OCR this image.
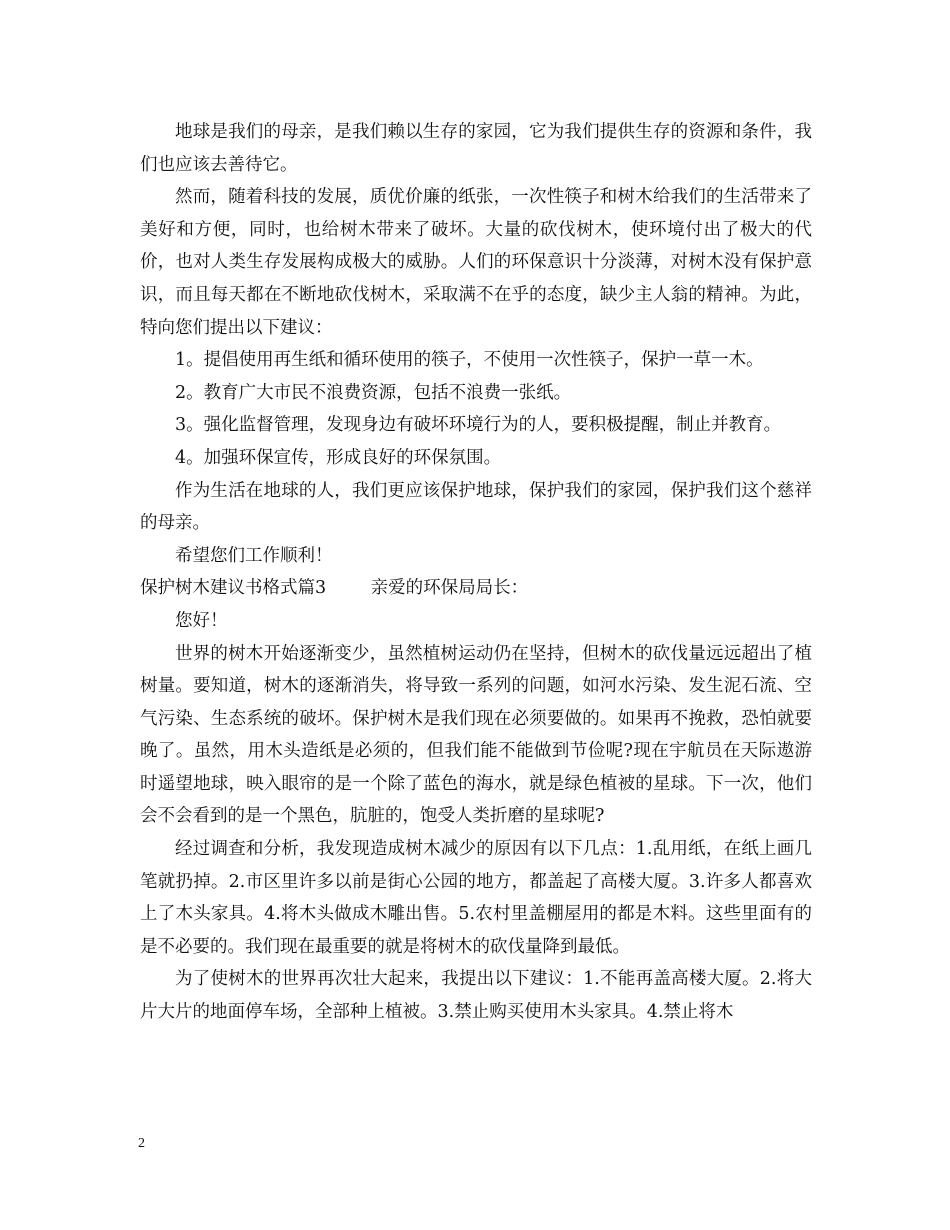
地球是我们的母亲，是我们赖以生存的家园，它为我们提供生存的资源和条件，我们也应该去善待它。

然而，随着科技的发展，质优价廉的纸张，一次性筷子和树木给我们的生活带来了美好和方便，同时，也给树木带来了破坏。大量的砍伐树木，使环境付出了极大的代价，也对人类生存发展构成极大的威胁。人们的环保意识十分淡薄，对树木没有保护意识，而且每天都在不断地砍伐树木，采取满不在乎的态度，缺少主人翁的精神。为此，特向您们提出以下建议：

1。提倡使用再生纸和循环使用的筷子，不使用一次性筷子，保护一草一木。

2。教育广大市民不浪费资源，包括不浪费一张纸。

3。强化监督管理，发现身边有破坏环境行为的人，要积极提醒，制止并教育。

4。加强环保宣传，形成良好的环保氛围。

作为生活在地球的人，我们更应该保护地球，保护我们的家园，保护我们这个慈祥的母亲。

希望您们工作顺利！

保护树木建议书格式篇3	亲爱的环保局局长：

您好！

世界的树木开始逐渐变少，虽然植树运动仍在坚持，但树木的砍伐量远远超出了植树量。要知道，树木的逐渐消失，将导致一系列的问题，如河水污染、发生泥石流、空气污染、生态系统的破坏。保护树木是我们现在必须要做的。如果再不挽救，恐怕就要晚了。虽然，用木头造纸是必须的，但我们能不能做到节俭呢?现在宇航员在天际遨游时遥望地球，映入眼帘的是一个除了蓝色的海水，就是绿色植被的星球。下一次，他们会不会看到的是一个黑色，肮脏的，饱受人类折磨的星球呢?

经过调查和分析，我发现造成树木减少的原因有以下几点：1.乱用纸，在纸上画几笔就扔掉。2.市区里许多以前是街心公园的地方，都盖起了高楼大厦。3.许多人都喜欢上了木头家具。4.将木头做成木雕出售。5.农村里盖棚屋用的都是木料。这些里面有的是不必要的。我们现在最重要的就是将树木的砍伐量降到最低。

为了使树木的世界再次壮大起来，我提出以下建议：1.不能再盖高楼大厦。2.将大片大片的地面停车场，全部种上植被。3.禁止购买使用木头家具。4.禁止将木

2
